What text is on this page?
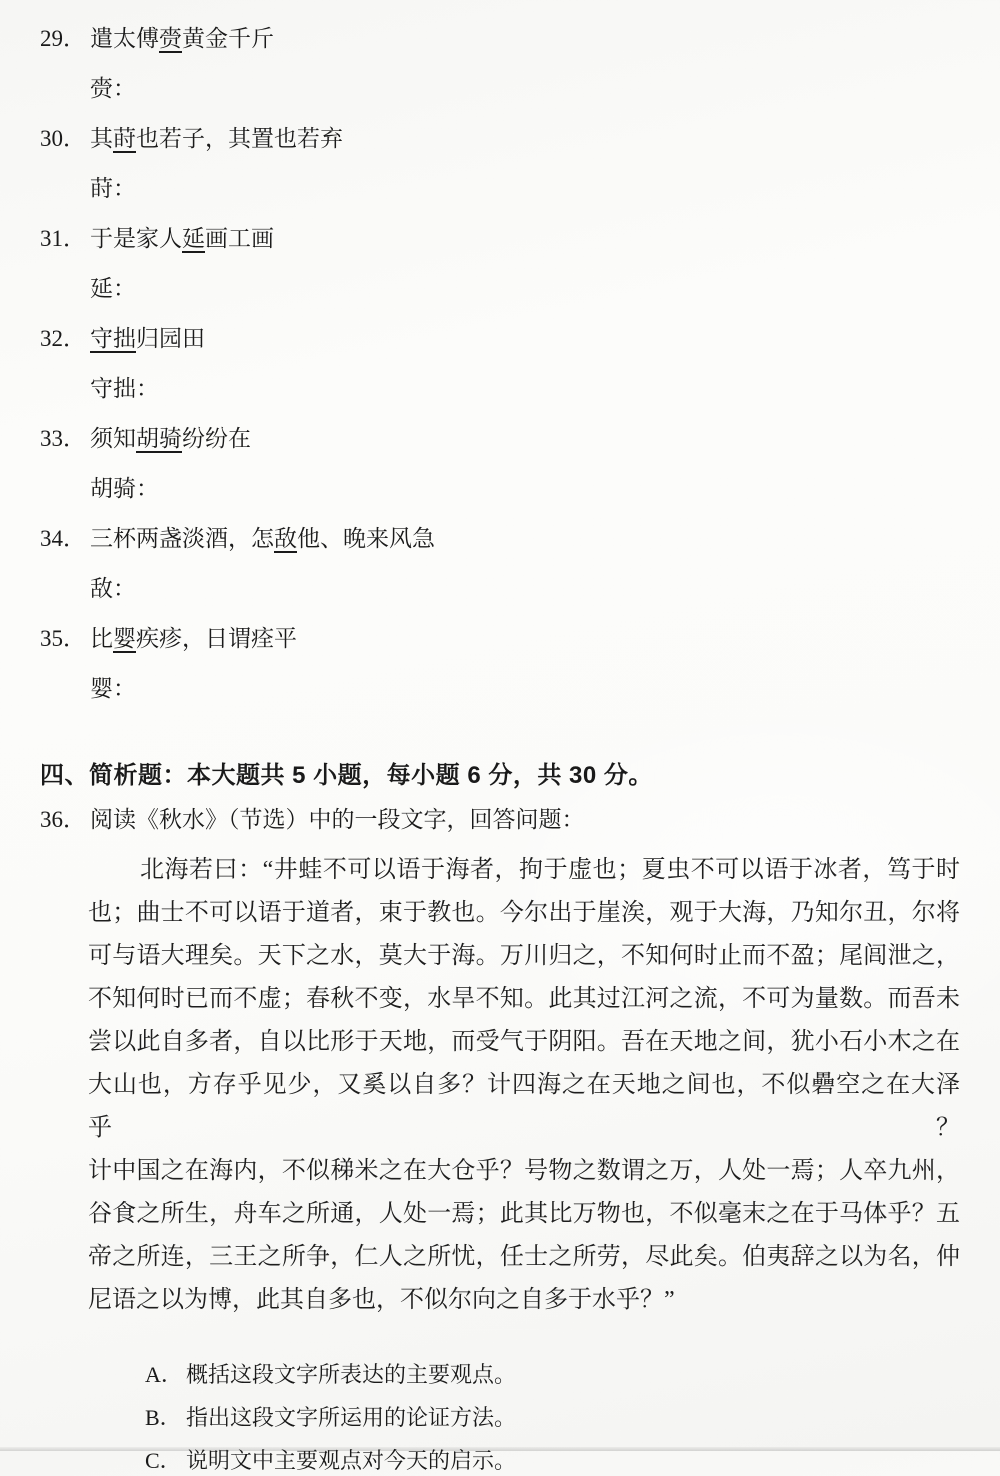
29． 遣太傅赍黄金千斤
赍：
30． 其莳也若子，其置也若弃
莳：
31． 于是家人延画工画
延：
32． 守拙归园田
守拙：
33． 须知胡骑纷纷在
胡骑：
34． 三杯两盏淡酒，怎敌他、晚来风急
敌：
35． 比婴疾疹，日谓痊平
婴：
四、 简析题：本大题共 5 小题，每小题 6 分，共 30 分。
36． 阅读《秋水》（节选）中的一段文字，回答问题：
北海若曰：“井蛙不可以语于海者，拘于虚也；夏虫不可以语于冰者，笃于时
也；曲士不可以语于道者，束于教也。今尔出于崖涘，观于大海，乃知尔丑，尔将
可与语大理矣。天下之水，莫大于海。万川归之，不知何时止而不盈；尾闾泄之，
不知何时已而不虚；春秋不变，水旱不知。此其过江河之流，不可为量数。而吾未
尝以此自多者，自以比形于天地，而受气于阴阳。吾在天地之间，犹小石小木之在
大山也，方存乎见少，又奚以自多？计四海之在天地之间也，不似礨空之在大泽乎？
计中国之在海内，不似稊米之在大仓乎？号物之数谓之万，人处一焉；人卒九州，
谷食之所生，舟车之所通，人处一焉；此其比万物也，不似毫末之在于马体乎？五
帝之所连，三王之所争，仁人之所忧，任士之所劳，尽此矣。伯夷辞之以为名，仲
尼语之以为博，此其自多也，不似尔向之自多于水乎？”
A． 概括这段文字所表达的主要观点。
B． 指出这段文字所运用的论证方法。
C． 说明文中主要观点对今天的启示。
